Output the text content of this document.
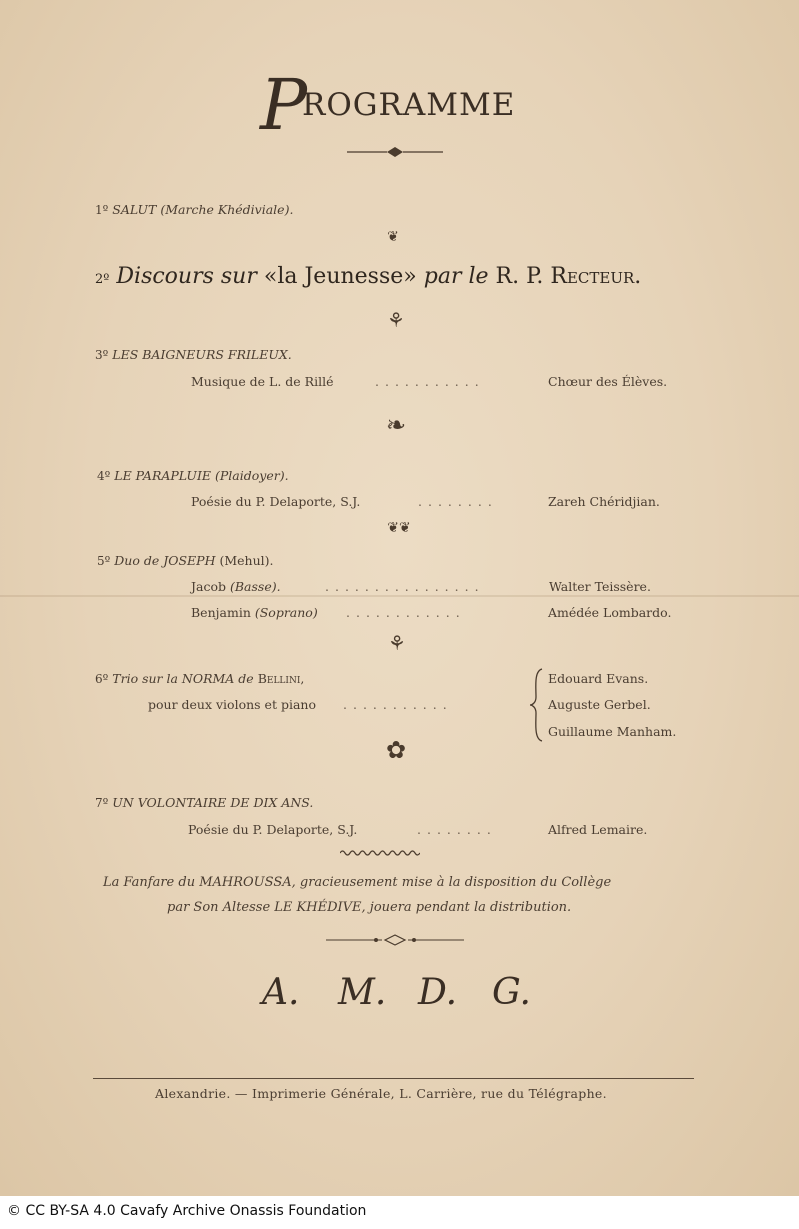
P
ROGRAMME
1º SALUT (Marche Khédiviale).
❦
2º Discours sur «la Jeunesse» par le R. P. Recteur.
⚘
3º LES BAIGNEURS FRILEUX.
Musique de L. de Rillé	...........	Chœur des Élèves.
❧
4º LE PARAPLUIE (Plaidoyer).
Poésie du P. Delaporte, S.J.	........	Zareh Chéridjian.
❦❦
5º Duo de JOSEPH (Mehul).
Jacob (Basse).	................	Walter Teissère.
Benjamin (Soprano) ............	Amédée Lombardo.
⚘
6º Trio sur la NORMA de Bellini,
pour deux violons et piano ...........
Edouard Evans.
Auguste Gerbel.
Guillaume Manham.
✿
7º UN VOLONTAIRE DE DIX ANS.
Poésie du P. Delaporte, S.J.	........	Alfred Lemaire.
La Fanfare du MAHROUSSA, gracieusement mise à la disposition du Collège
par Son Altesse LE KHÉDIVE, jouera pendant la distribution.
A. M. D. G.
Alexandrie. — Imprimerie Générale, L. Carrière, rue du Télégraphe.
© CC BY-SA 4.0 Cavafy Archive Onassis Foundation
